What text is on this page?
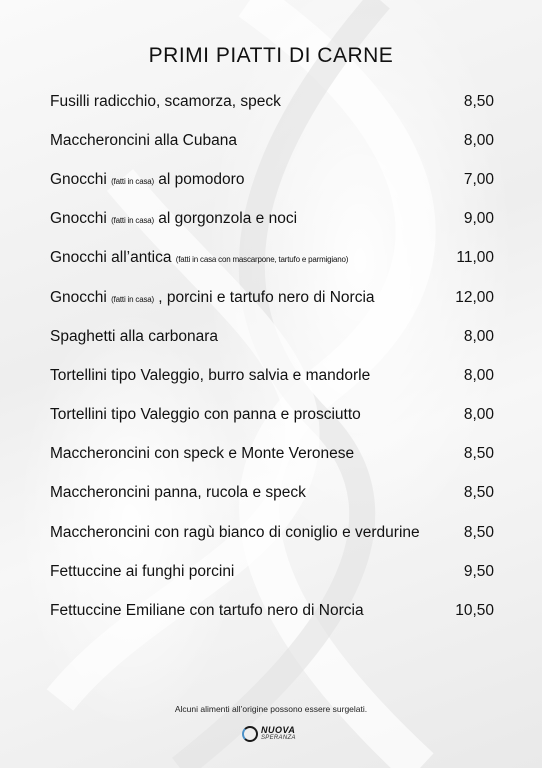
PRIMI PIATTI DI CARNE
Fusilli radicchio, scamorza, speck	8,50
Maccheroncini alla Cubana	8,00
Gnocchi (fatti in casa) al pomodoro	7,00
Gnocchi (fatti in casa) al gorgonzola e noci	9,00
Gnocchi all’antica (fatti in casa con mascarpone, tartufo e parmigiano)	11,00
Gnocchi (fatti in casa) , porcini e tartufo nero di Norcia	12,00
Spaghetti alla carbonara	8,00
Tortellini tipo Valeggio, burro salvia e mandorle	8,00
Tortellini tipo Valeggio con panna e prosciutto	8,00
Maccheroncini con speck e Monte Veronese	8,50
Maccheroncini panna, rucola e speck	8,50
Maccheroncini con ragù bianco di coniglio e verdurine	8,50
Fettuccine ai funghi porcini	9,50
Fettuccine Emiliane con tartufo nero di Norcia	10,50
Alcuni alimenti all’origine possono essere surgelati.
NUOVA
SPERANZA
